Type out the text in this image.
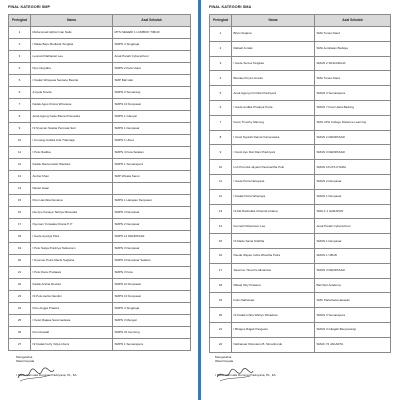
FINAL KATEGORI SMP
Peringkat	Nama	Asal Sekolah
1	Muhammad Alpha Irvan Nalis	MTS NEGERI 1 LOMBOK TIMUR
2	I Made Bayu Budiarta Tengkas	SMPN 4 Singaraja
3	Leonard Nathaniel Lee	Anak Panah Cyberschool
4	Diyo Nugraha	SMPN 2 Kuta Utara
5	I Kadek Wirayasa Sentanu Besiria	SMP Bali Hati
6	A'syela Novita	SMPN 3 Semarang
7	Kadek Agus Krisna Wiranesa	SMPN 10 Denpasar
8	Anak Agung Gede Bama Krisnanda	SMPN 1 Gianyar
9	Ni Nyoman Saskia Permata Sari	SMPN 1 Denpasar
10	I Komang Andika Arta Triatmaja	SMPN 1 Ubud
11	I Putu Radika	SMPN 4 Kuta Selatan
12	Kadek Rania Iswari Wardani	SMPN 1 Semarapura
13	Andrei Khan	SMP Wisata Sanur
14	Daniel Isaac	
15	Putu Harshita Deviana	SMPN 1 Harapan Denpasar
16	Ida Ayu Kanaya Tarisya Manuaba	SMPN 3 Denpasar
17	Nyoman Yuniaaka Kirana P. P	SMPN 2 Denpasar
18	I Gede Ayodya Pitra	SMPN 14 DENPASAR
19	I Putu Satya Pradnya Tadusnam	SMPN 3 Denpasar
20	I Nyoman Putra Manik Sugiarta	SMPN 9 Denpasar Selatan
21	I Putu Danu Prabawa	SMPN 3 Kuta
22	Kadek Arshia Deviani	SMPN 10 Denpasar
23	Ni Putu Aerlie Nandini	SMPN 10 Denpasar
24	Putu Angga Prawira	SMPN 4 Singaraja
25	I Ketut Rajasa Swarmadewa	SMPN 3 Mengwi
26	Kirei Arasaki	SMPN 01 Gentong
27	Ni Kadek Ferly Vidya Utami	SMPN 1 Semarapura
Mengetahui,
Wasit Kepala
I Made Darmala Dumma Pradnyana, PL, FA
FINAL KATEGORI SMA
Peringkat	Nama	Asal Sekolah
1	Brian Sutjana	SMA Tunas Daud
2	Rafaell Jordan	SMA Jembatan Budaya
3	I Gede Senna Tangkas	SMAN 2 SINGARAJA
4	Beudeel Krya Limanto	SMA Tunas Daud
5	Anak Agung Intri Dita Pradnyani	SMAN 3 Semarapura
6	I Gede Andika Pradnya Putra	SMAN 7 Kuta Utara Badung
7	Kevin Timothy Manong	SMA UPH College Distance Learning
8	I Gusti Ngurah Damar Kameswara	SMAN 2 DENPASAR
9	I Gusti Ayu Dwi Dian Pradnyani	SMAN 3 DENPASAR
10	Luh Putu Ika Jayanti Paramartha Putri	SMAN 1KUTA UTARA
11	I Gede Putra Narayana	SMAN 2 Denpasar
12	I Kadek Putra Wiranaya	SMAN 1 Denpasar
13	Ni Md Rachelika Chamita Ardana	SMA K 1 HARAPAN
14	Kenneth Robertson Lee	Anak Panah Cyberschool
15	Ni Made Sania Sriditha	SMAN 1 Denpasar
16	Paede Wayan Indra Wisistha Putra	SMAN 1 UBUD
17	Saverino Tirual Ferdinandus	SMAN 3 DENPASAR
18	Mikael Oby Pratama	Bali Star Academy
19	Felix Nathanael	SMK Pariwisata Harapan
20	Ni Kadek Ichha Wahyu Wisadewi	SMAN 3 Semarapura
21	I Bhagus Rajjek Pangestu	SMAN 3 Gilagah Banyuwangi
22	Nathanael Oktoviano B. Simanhuruk	SMAK 72 JAKARTA
Mengetahui,
Wasit Kepala
I Made Darmala Dumma Pradnyana, PL, FA
